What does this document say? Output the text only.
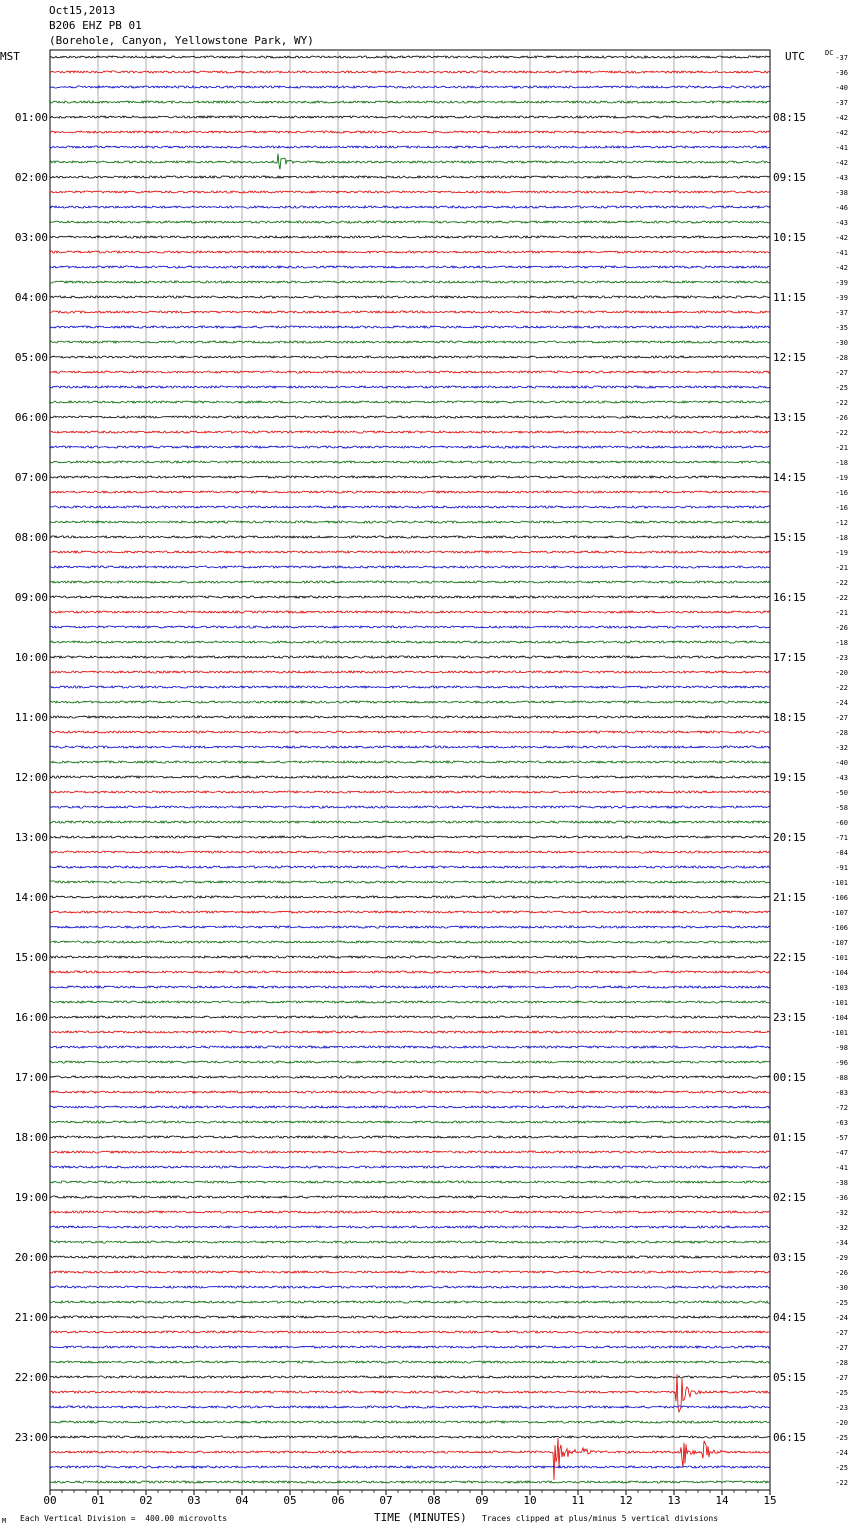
Oct15,2013
B206 EHZ PB 01
(Borehole, Canyon, Yellowstone Park, WY)
MST	UTC	DC
00	01	02	03	04	05	06	07	08	09	10	11	12	13	14	15
-37
-36
-40
-37
-42
-42
-41
-42
-43
-38
-46
-43
-42
-41
-42
-39
-39
-37
-35
-30
-28
-27
-25
-22
-26
-22
-21
-18
-19
-16
-16
-12
-18
-19
-21
-22
-22
-21
-26
-18
-23
-20
-22
-24
-27
-28
-32
-40
-43
-50
-58
-60
-71
-84
-91
-101
-106
-107
-106
-107
-101
-104
-103
-101
-104
-101
-98
-96
-88
-83
-72
-63
-57
-47
-41
-38
-36
-32
-32
-34
-29
-26
-30
-25
-24
-27
-27
-28
-27
-25
-23
-20
-25
-24
-25
-22
01:00
02:00
03:00
04:00
05:00
06:00
07:00
08:00
09:00
10:00
11:00
12:00
13:00
14:00
15:00
16:00
17:00
18:00
19:00
20:00
21:00
22:00
23:00
08:15
09:15
10:15
11:15
12:15
13:15
14:15
15:15
16:15
17:15
18:15
19:15
20:15
21:15
22:15
23:15
00:15
01:15
02:15
03:15
04:15
05:15
06:15
M Each Vertical Division =  400.00 microvolts	TIME (MINUTES) Traces clipped at plus/minus 5 vertical divisions
